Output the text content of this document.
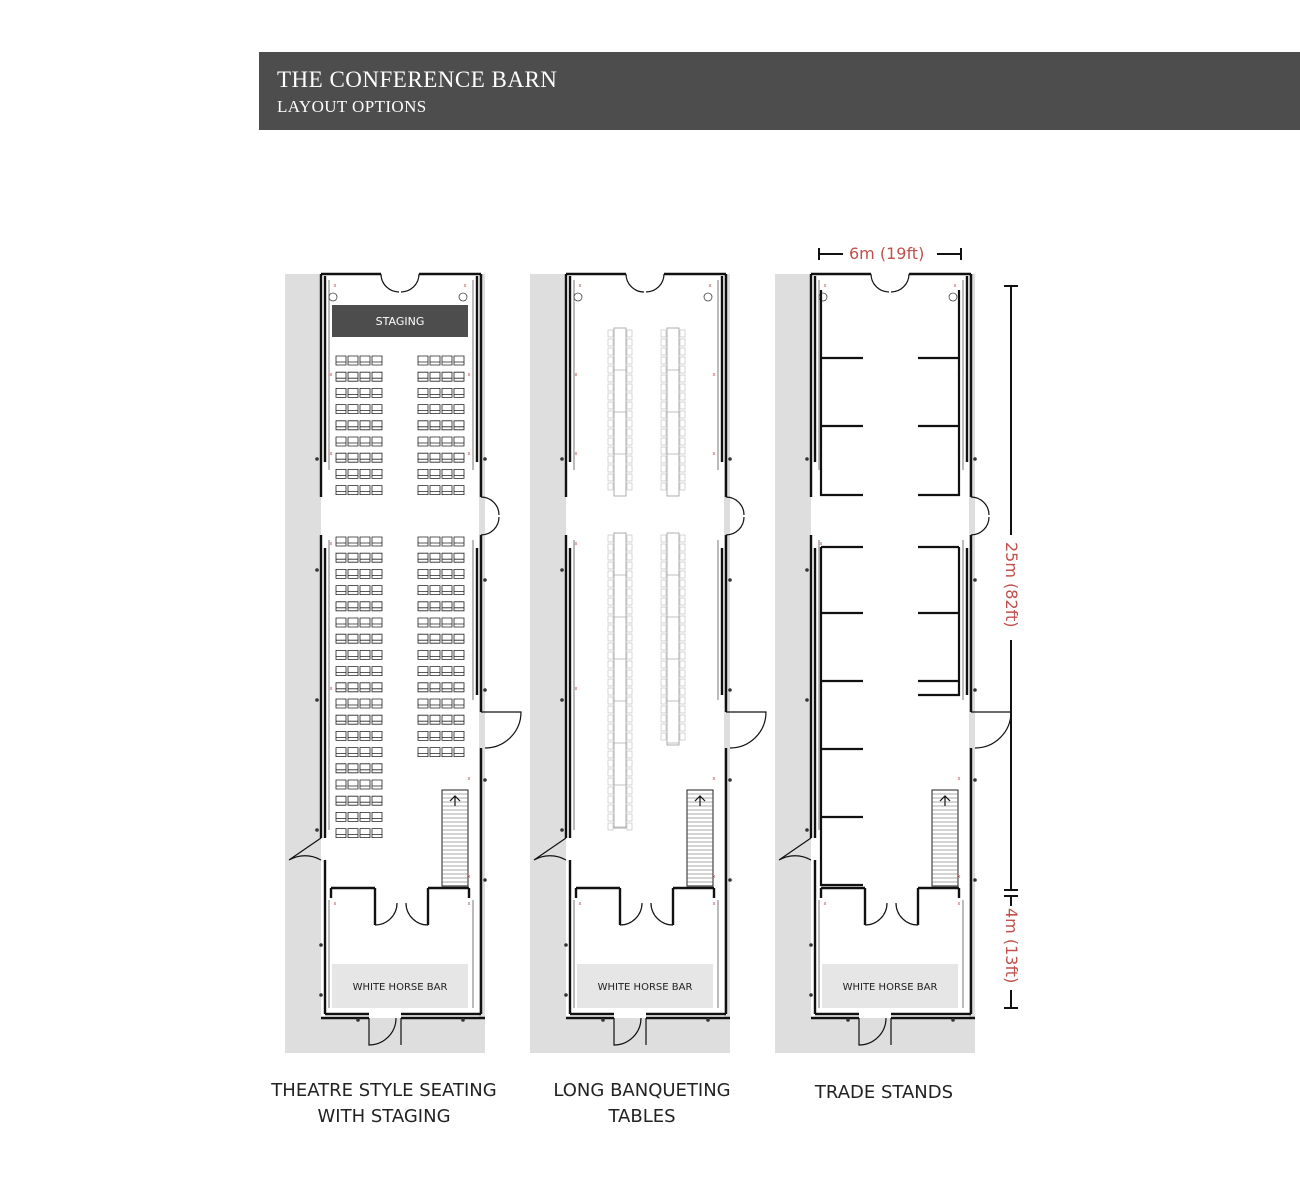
THE CONFERENCE BARN
LAYOUT OPTIONS
x	x
x
x
x
x
x
x
x
x
x	x
STAGING
WHITE HORSE BAR
x	x
x
x
x
x
x
x
x
x
x	x
WHITE HORSE BAR
x	x
x
x
x
x
x
x
x
x
x	x
WHITE HORSE BAR
6m (19ft)
25m (82ft)
4m (13ft)
THEATRE STYLE SEATING
WITH STAGING
LONG BANQUETING
TABLES
TRADE STANDS
